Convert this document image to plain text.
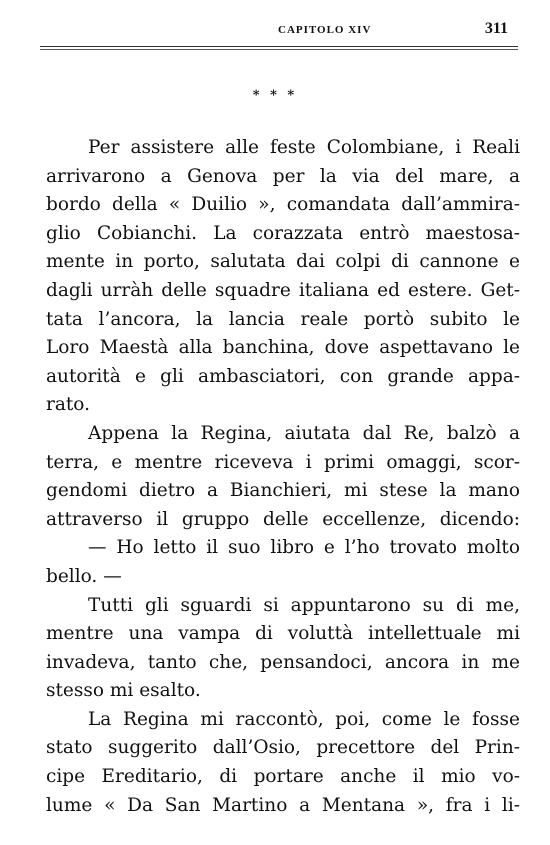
CAPITOLO XIV	311
* * *
Per assistere alle feste Colombiane, i Reali
arrivarono a Genova per la via del mare, a
bordo della « Duilio », comandata dall’ammira-
glio Cobianchi. La corazzata entrò maestosa-
mente in porto, salutata dai colpi di cannone e
dagli urràh delle squadre italiana ed estere. Get-
tata l’ancora, la lancia reale portò subito le
Loro Maestà alla banchina, dove aspettavano le
autorità e gli ambasciatori, con grande appa-
rato.
Appena la Regina, aiutata dal Re, balzò a
terra, e mentre riceveva i primi omaggi, scor-
gendomi dietro a Bianchieri, mi stese la mano
attraverso il gruppo delle eccellenze, dicendo:
— Ho letto il suo libro e l’ho trovato molto
bello. —
Tutti gli sguardi si appuntarono su di me,
mentre una vampa di voluttà intellettuale mi
invadeva, tanto che, pensandoci, ancora in me
stesso mi esalto.
La Regina mi raccontò, poi, come le fosse
stato suggerito dall’Osio, precettore del Prin-
cipe Ereditario, di portare anche il mio vo-
lume « Da San Martino a Mentana », fra i li-
